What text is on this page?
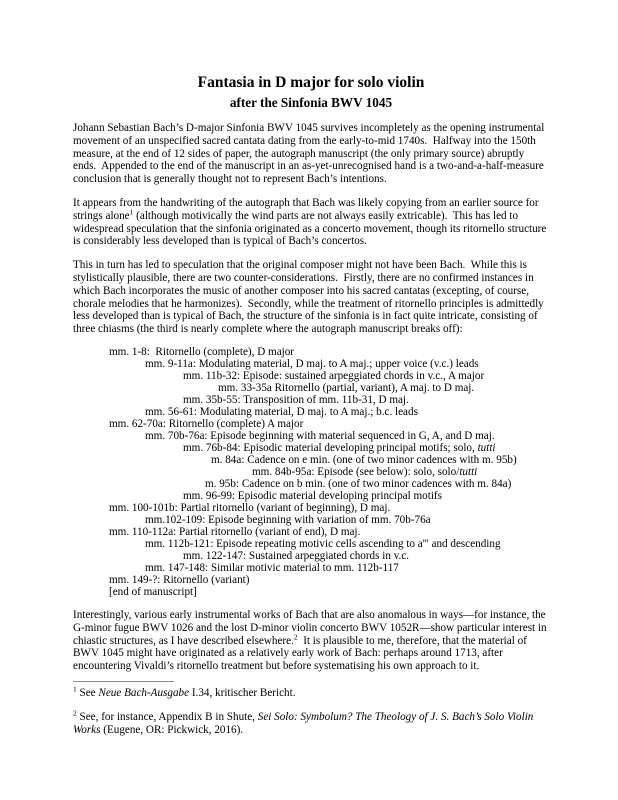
Fantasia in D major for solo violin
after the Sinfonia BWV 1045

Johann Sebastian Bach’s D-major Sinfonia BWV 1045 survives incompletely as the opening instrumental movement of an unspecified sacred cantata dating from the early-to-mid 1740s.  Halfway into the 150th measure, at the end of 12 sides of paper, the autograph manuscript (the only primary source) abruptly ends.  Appended to the end of the manuscript in an as-yet-unrecognised hand is a two-and-a-half-measure conclusion that is generally thought not to represent Bach’s intentions.

It appears from the handwriting of the autograph that Bach was likely copying from an earlier source for strings alone$^1$ (although motivically the wind parts are not always easily extricable).  This has led to widespread speculation that the sinfonia originated as a concerto movement, though its ritornello structure is considerably less developed than is typical of Bach’s concertos.

This in turn has led to speculation that the original composer might not have been Bach.  While this is stylistically plausible, there are two counter-considerations.  Firstly, there are no confirmed instances in which Bach incorporates the music of another composer into his sacred cantatas (excepting, of course, chorale melodies that he harmonizes).  Secondly, while the treatment of ritornello principles is admittedly less developed than is typical of Bach, the structure of the sinfonia is in fact quite intricate, consisting of three chiasms (the third is nearly complete where the autograph manuscript breaks off):

mm. 1-8:  Ritornello (complete), D major
mm. 9-11a: Modulating material, D maj. to A maj.; upper voice (v.c.) leads
mm. 11b-32: Episode: sustained arpeggiated chords in v.c., A major
mm. 33-35a Ritornello (partial, variant), A maj. to D maj.
mm. 35b-55: Transposition of mm. 11b-31, D maj.
mm. 56-61: Modulating material, D maj. to A maj.; b.c. leads
mm. 62-70a: Ritornello (complete) A major
mm. 70b-76a: Episode beginning with material sequenced in G, A, and D maj.
mm. 76b-84: Episodic material developing principal motifs; solo, tutti
m. 84a: Cadence on e min. (one of two minor cadences with m. 95b)
mm. 84b-95a: Episode (see below): solo, solo/tutti
m. 95b: Cadence on b min. (one of two minor cadences with m. 84a)
mm. 96-99: Episodic material developing principal motifs
mm. 100-101b: Partial ritornello (variant of beginning), D maj.
mm.102-109: Episode beginning with variation of mm. 70b-76a
mm. 110-112a: Partial ritornello (variant of end), D maj.
mm. 112b-121: Episode repeating motivic cells ascending to a''' and descending
mm. 122-147: Sustained arpeggiated chords in v.c.
mm. 147-148: Similar motivic material to mm. 112b-117
mm. 149-?: Ritornello (variant)
[end of manuscript]

Interestingly, various early instrumental works of Bach that are also anomalous in ways—for instance, the G-minor fugue BWV 1026 and the lost D-minor violin concerto BWV 1052R—show particular interest in chiastic structures, as I have described elsewhere.$^2$  It is plausible to me, therefore, that the material of BWV 1045 might have originated as a relatively early work of Bach: perhaps around 1713, after encountering Vivaldi’s ritornello treatment but before systematising his own approach to it.

$^1$ See Neue Bach-Ausgabe I.34, kritischer Bericht.

$^2$ See, for instance, Appendix B in Shute, Sei Solo: Symbolum? The Theology of J. S. Bach’s Solo Violin Works (Eugene, OR: Pickwick, 2016).
